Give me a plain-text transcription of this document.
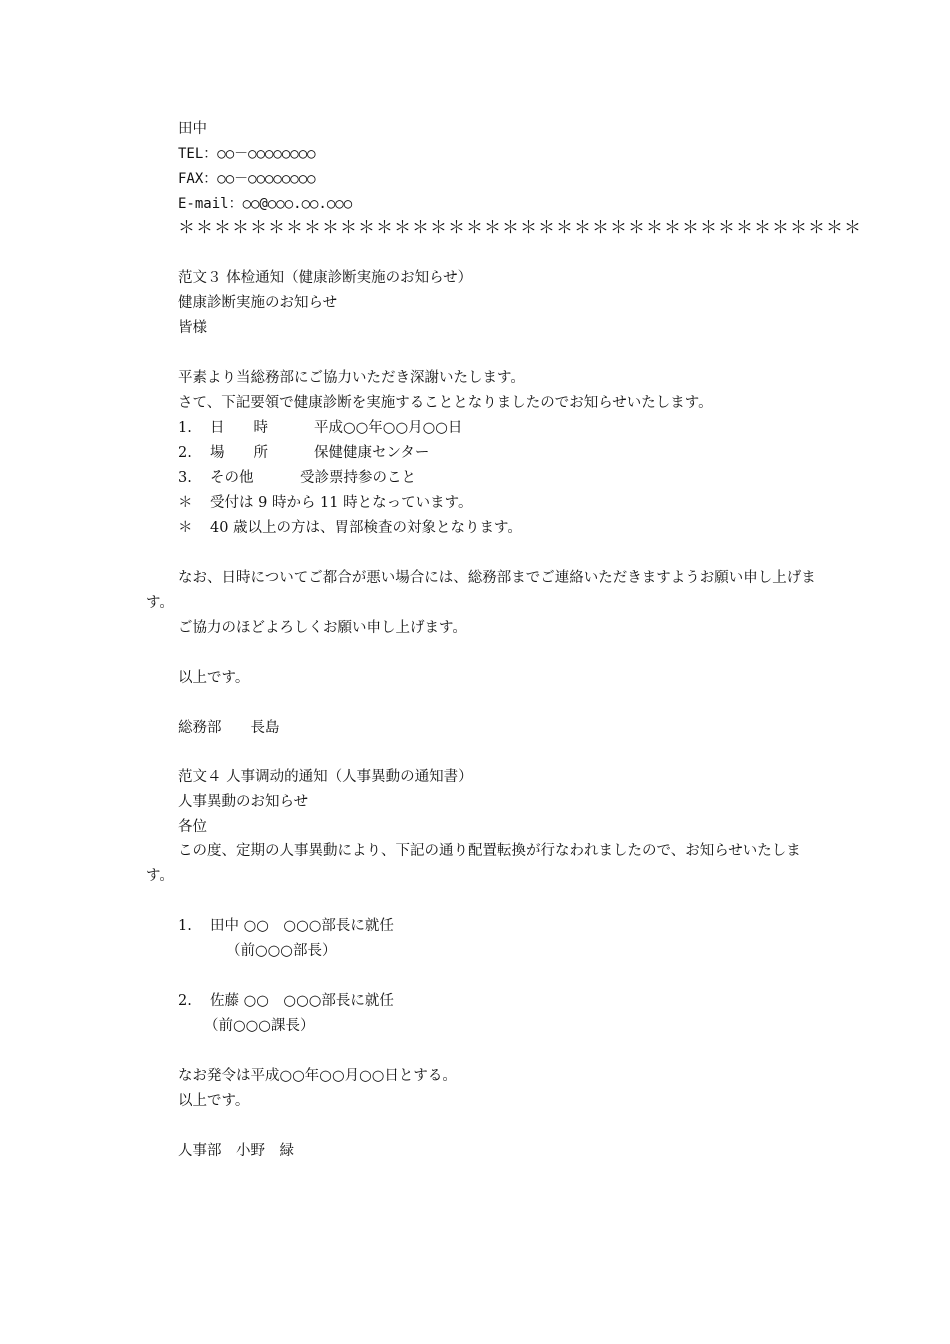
田中
TEL：○○－○○○○○○○○
FAX：○○－○○○○○○○○
E-mail：○○@○○○.○○.○○○
＊＊＊＊＊＊＊＊＊＊＊＊＊＊＊＊＊＊＊＊＊＊＊＊＊＊＊＊＊＊＊＊＊＊＊＊＊＊
范文３ 体检通知（健康診断実施のお知らせ）
健康診断実施のお知らせ
皆様
平素より当総務部にご協力いただき深謝いたします。
さて、下記要領で健康診断を実施することとなりましたのでお知らせいたします。
1. 日　　時	平成○○年○○月○○日
2. 場　　所	保健健康センター
3. その他	受診票持参のこと
＊ 受付は 9 時から 11 時となっています。
＊ 40 歳以上の方は、胃部検査の対象となります。
なお、日時についてご都合が悪い場合には、総務部までご連絡いただきますようお願い申し上げます。
ご協力のほどよろしくお願い申し上げます。
以上です。
総務部　　長島
范文４ 人事调动的通知（人事異動の通知書）
人事異動のお知らせ
各位
この度、定期の人事異動により、下記の通り配置転換が行なわれましたので、お知らせいたします。
1. 田中 ○○　○○○部長に就任
（前○○○部長）
2. 佐藤 ○○　○○○部長に就任
（前○○○課長）
なお発令は平成○○年○○月○○日とする。
以上です。
人事部　小野　緑
